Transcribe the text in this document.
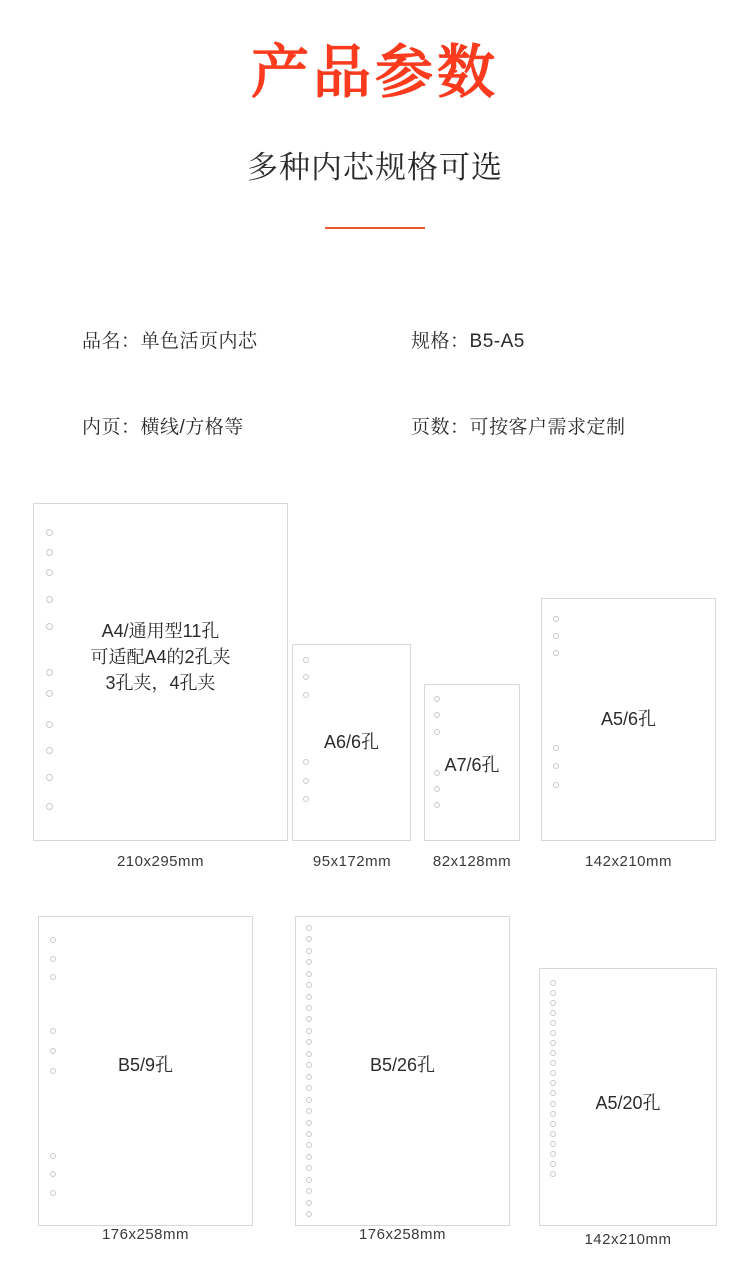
产品参数
多种内芯规格可选
品名：单色活页内芯	规格：B5-A5
内页：横线/方格等	页数：可按客户需求定制
A4/通用型11孔
可适配A4的2孔夹
3孔夹，4孔夹
210x295mm
A6/6孔
95x172mm
A7/6孔
82x128mm
A5/6孔
142x210mm
B5/9孔
176x258mm
B5/26孔
176x258mm
A5/20孔
142x210mm
